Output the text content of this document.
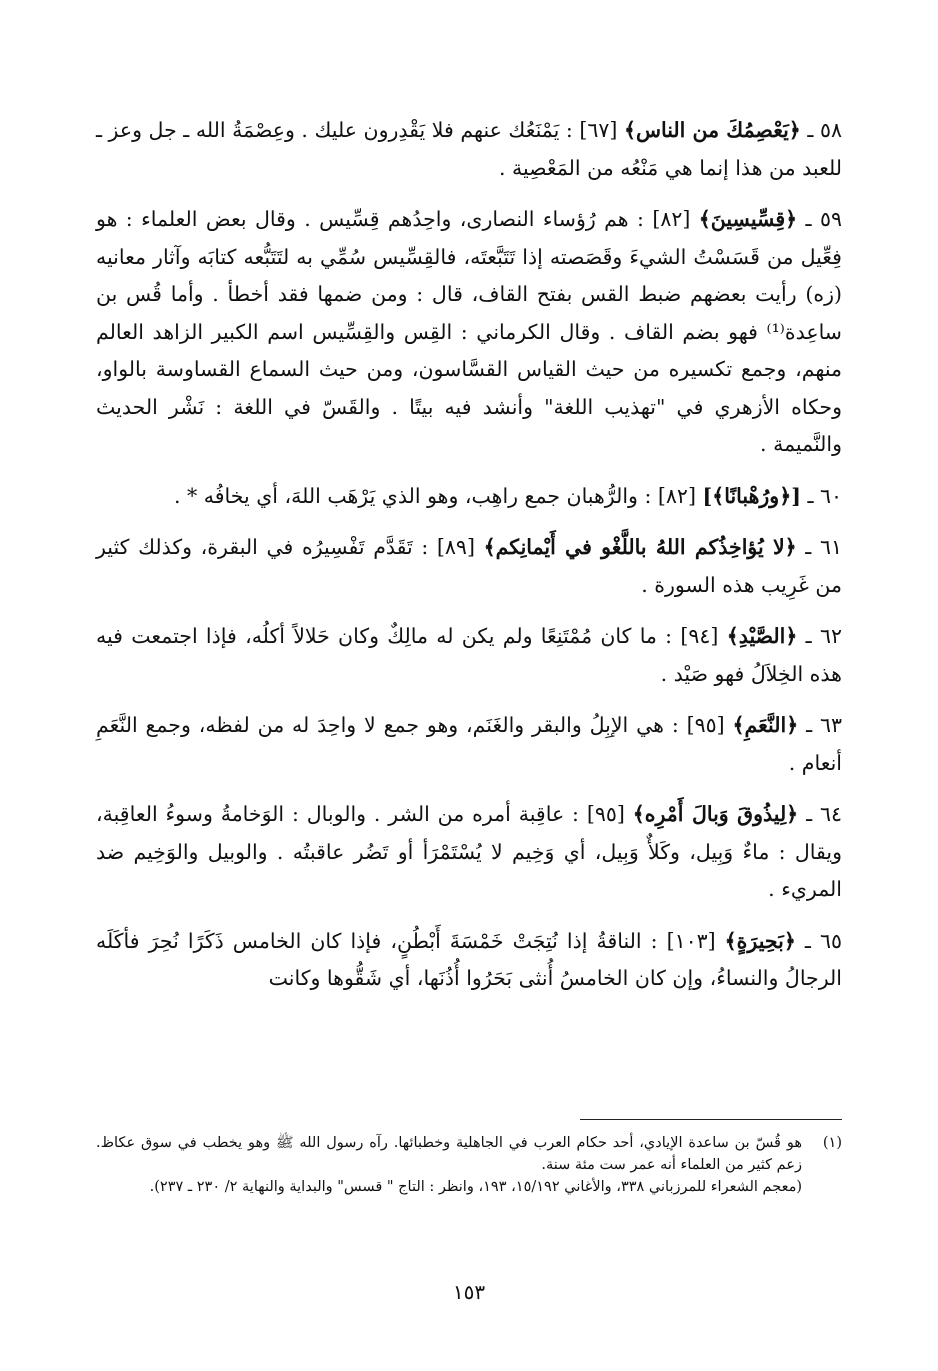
٥٨ ـ ﴿يَعْصِمُكَ من الناس﴾ [٦٧] : يَمْنَعُك عنهم فلا يَقْدِرون عليك . وعِصْمَةُ الله ـ جل وعز ـ للعبد من هذا إنما هي مَنْعُه من المَعْصِية .

٥٩ ـ ﴿قِسِّيسِينَ﴾ [٨٢] : هم رُؤساء النصارى، واحِدُهم قِسِّيس . وقال بعض العلماء : هو فِعِّيل من قَسَسْتُ الشيءَ وقَصَصته إذا تَتَبَّعتَه، فالقِسِّيس سُمِّي به لتَتَبُّعه كتابَه وآثار معانيه (زه) رأيت بعضهم ضبط القس بفتح القاف، قال : ومن ضمها فقد أخطأ . وأما قُس بن ساعِدة⁽¹⁾ فهو بضم القاف . وقال الكرماني : القِس والقِسِّيس اسم الكبير الزاهد العالم منهم، وجمع تكسيره من حيث القياس القسَّاسون، ومن حيث السماع القساوسة بالواو، وحكاه الأزهري في "تهذيب اللغة" وأنشد فيه بيتًا . والقَسّ في اللغة : نَشْر الحديث والنَّميمة .

٦٠ ـ [﴿ورُهْبانًا﴾] [٨٢] : والرُّهبان جمع راهِب، وهو الذي يَرْهَب اللهَ، أي يخافُه * .

٦١ ـ ﴿لا يُؤاخِذُكم اللهُ باللَّغْو في أَيْمانِكم﴾ [٨٩] : تَقَدَّم تَفْسِيرُه في البقرة، وكذلك كثير من غَرِيب هذه السورة .

٦٢ ـ ﴿الصَّيْدِ﴾ [٩٤] : ما كان مُمْتَنِعًا ولم يكن له مالِكٌ وكان حَلالاً أكلُه، فإذا اجتمعت فيه هذه الخِلاَلُ فهو صَيْد .

٦٣ ـ ﴿النَّعَمِ﴾ [٩٥] : هي الإبِلُ والبقر والغَنَم، وهو جمع لا واحِدَ له من لفظه، وجمع النَّعَمِ أنعام .

٦٤ ـ ﴿لِيذُوقَ وَبالَ أَمْرِه﴾ [٩٥] : عاقِبة أمره من الشر . والوبال : الوَخامةُ وسوءُ العاقِبة، ويقال : ماءٌ وَبِيل، وكَلأٌ وَبِيل، أي وَخِيم لا يُسْتَمْرَأ أو تَضُر عاقبتُه . والوبيل والوَخِيم ضد المريء .

٦٥ ـ ﴿بَحِيرَةٍ﴾ [١٠٣] : الناقةُ إذا نُتِجَتْ خَمْسَةَ أَبْطُنٍ، فإذا كان الخامس ذَكَرًا نُحِرَ فأكَلَه الرجالُ والنساءُ، وإن كان الخامسُ أُنثى بَحَرُوا أُذُنَها، أي شَقُّوها وكانت

(١)
هو قُسّ بن ساعدة الإيادي، أحد حكام العرب في الجاهلية وخطبائها. رآه رسول الله ﷺ وهو يخطب في سوق عكاظ. زعم كثير من العلماء أنه عمر ست مئة سنة.
(معجم الشعراء للمرزباني ٣٣٨، والأغاني ١٥/١٩٢، ١٩٣، وانظر : التاج " قسس" والبداية والنهاية ٢/ ٢٣٠ ـ ٢٣٧).
١٥٣
